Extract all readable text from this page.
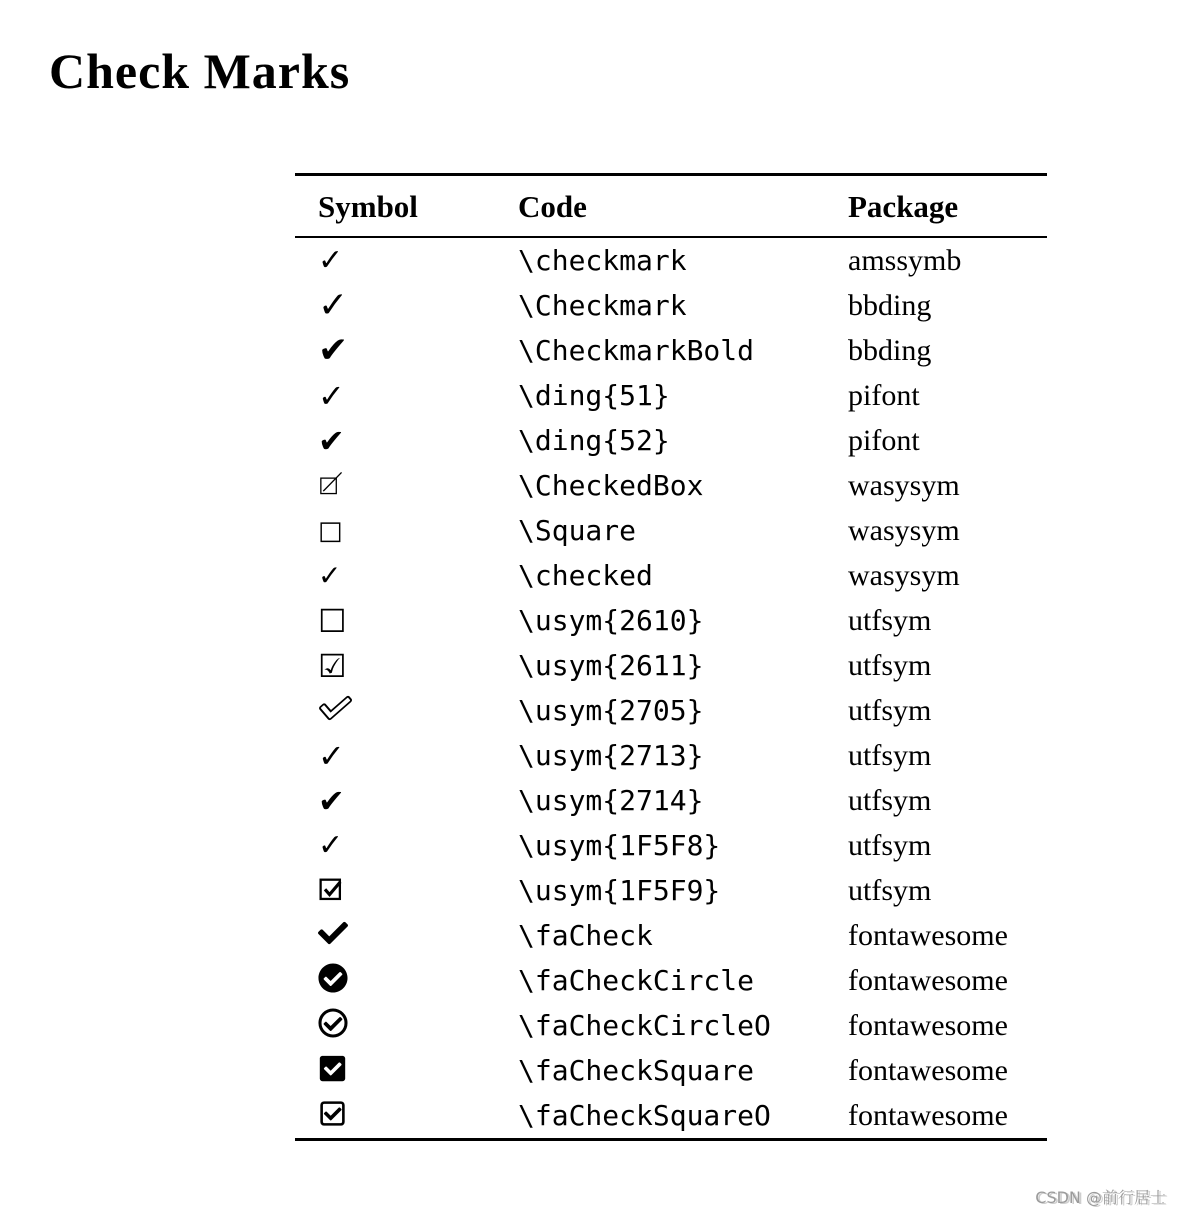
Check Marks
Symbol	Code	Package
✓	\checkmark	amssymb
✓	\Checkmark	bbding
✔	\CheckmarkBold	bbding
✓	\ding{51}	pifont
✔	\ding{52}	pifont

	\CheckedBox	wasysym
□	\Square	wasysym
✓	\checked	wasysym
☐	\usym{2610}	utfsym
☑	\usym{2611}	utfsym

	\usym{2705}	utfsym
✓	\usym{2713}	utfsym
✔	\usym{2714}	utfsym
✓	\usym{1F5F8}	utfsym

	\usym{1F5F9}	utfsym

	\faCheck	fontawesome

	\faCheckCircle	fontawesome

	\faCheckCircleO	fontawesome

	\faCheckSquare	fontawesome

	\faCheckSquareO	fontawesome
CSDN @前行居士
